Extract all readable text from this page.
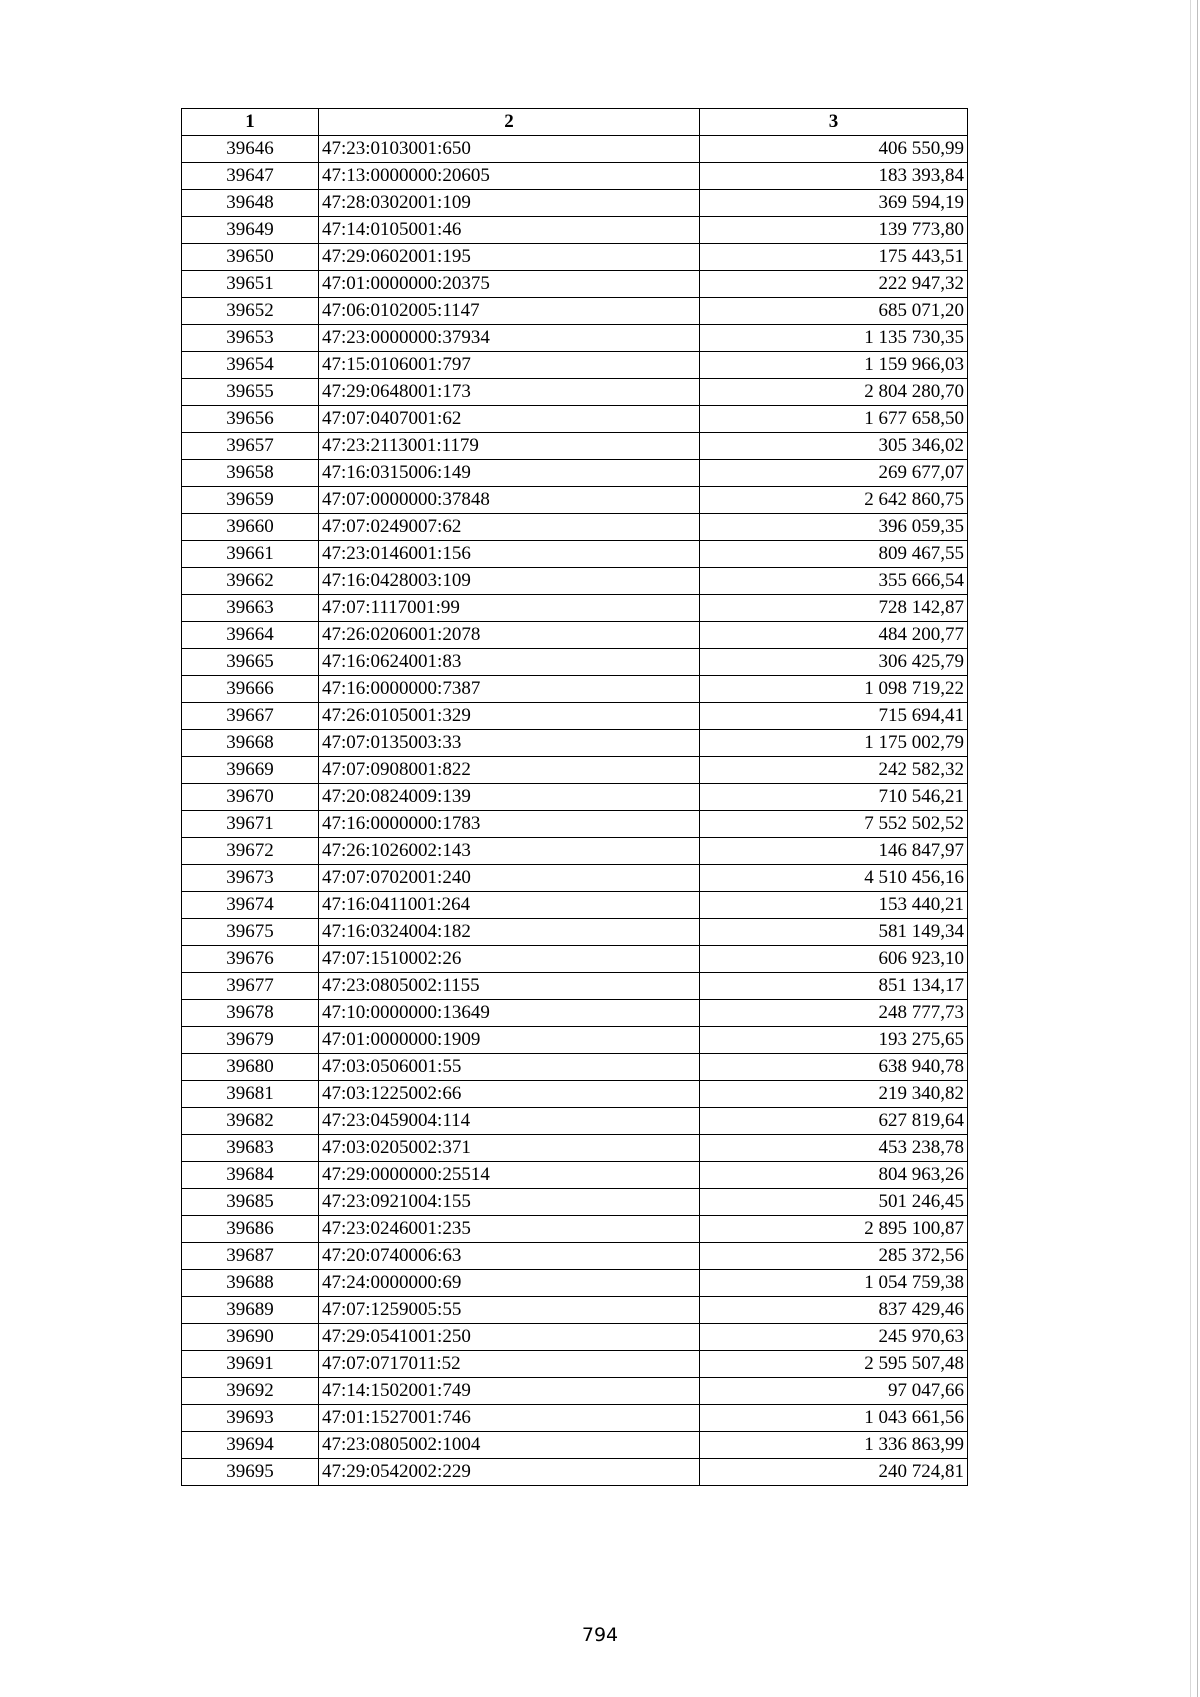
1	2	3
39646	47:23:0103001:650	406 550,99
39647	47:13:0000000:20605	183 393,84
39648	47:28:0302001:109	369 594,19
39649	47:14:0105001:46	139 773,80
39650	47:29:0602001:195	175 443,51
39651	47:01:0000000:20375	222 947,32
39652	47:06:0102005:1147	685 071,20
39653	47:23:0000000:37934	1 135 730,35
39654	47:15:0106001:797	1 159 966,03
39655	47:29:0648001:173	2 804 280,70
39656	47:07:0407001:62	1 677 658,50
39657	47:23:2113001:1179	305 346,02
39658	47:16:0315006:149	269 677,07
39659	47:07:0000000:37848	2 642 860,75
39660	47:07:0249007:62	396 059,35
39661	47:23:0146001:156	809 467,55
39662	47:16:0428003:109	355 666,54
39663	47:07:1117001:99	728 142,87
39664	47:26:0206001:2078	484 200,77
39665	47:16:0624001:83	306 425,79
39666	47:16:0000000:7387	1 098 719,22
39667	47:26:0105001:329	715 694,41
39668	47:07:0135003:33	1 175 002,79
39669	47:07:0908001:822	242 582,32
39670	47:20:0824009:139	710 546,21
39671	47:16:0000000:1783	7 552 502,52
39672	47:26:1026002:143	146 847,97
39673	47:07:0702001:240	4 510 456,16
39674	47:16:0411001:264	153 440,21
39675	47:16:0324004:182	581 149,34
39676	47:07:1510002:26	606 923,10
39677	47:23:0805002:1155	851 134,17
39678	47:10:0000000:13649	248 777,73
39679	47:01:0000000:1909	193 275,65
39680	47:03:0506001:55	638 940,78
39681	47:03:1225002:66	219 340,82
39682	47:23:0459004:114	627 819,64
39683	47:03:0205002:371	453 238,78
39684	47:29:0000000:25514	804 963,26
39685	47:23:0921004:155	501 246,45
39686	47:23:0246001:235	2 895 100,87
39687	47:20:0740006:63	285 372,56
39688	47:24:0000000:69	1 054 759,38
39689	47:07:1259005:55	837 429,46
39690	47:29:0541001:250	245 970,63
39691	47:07:0717011:52	2 595 507,48
39692	47:14:1502001:749	97 047,66
39693	47:01:1527001:746	1 043 661,56
39694	47:23:0805002:1004	1 336 863,99
39695	47:29:0542002:229	240 724,81
794
